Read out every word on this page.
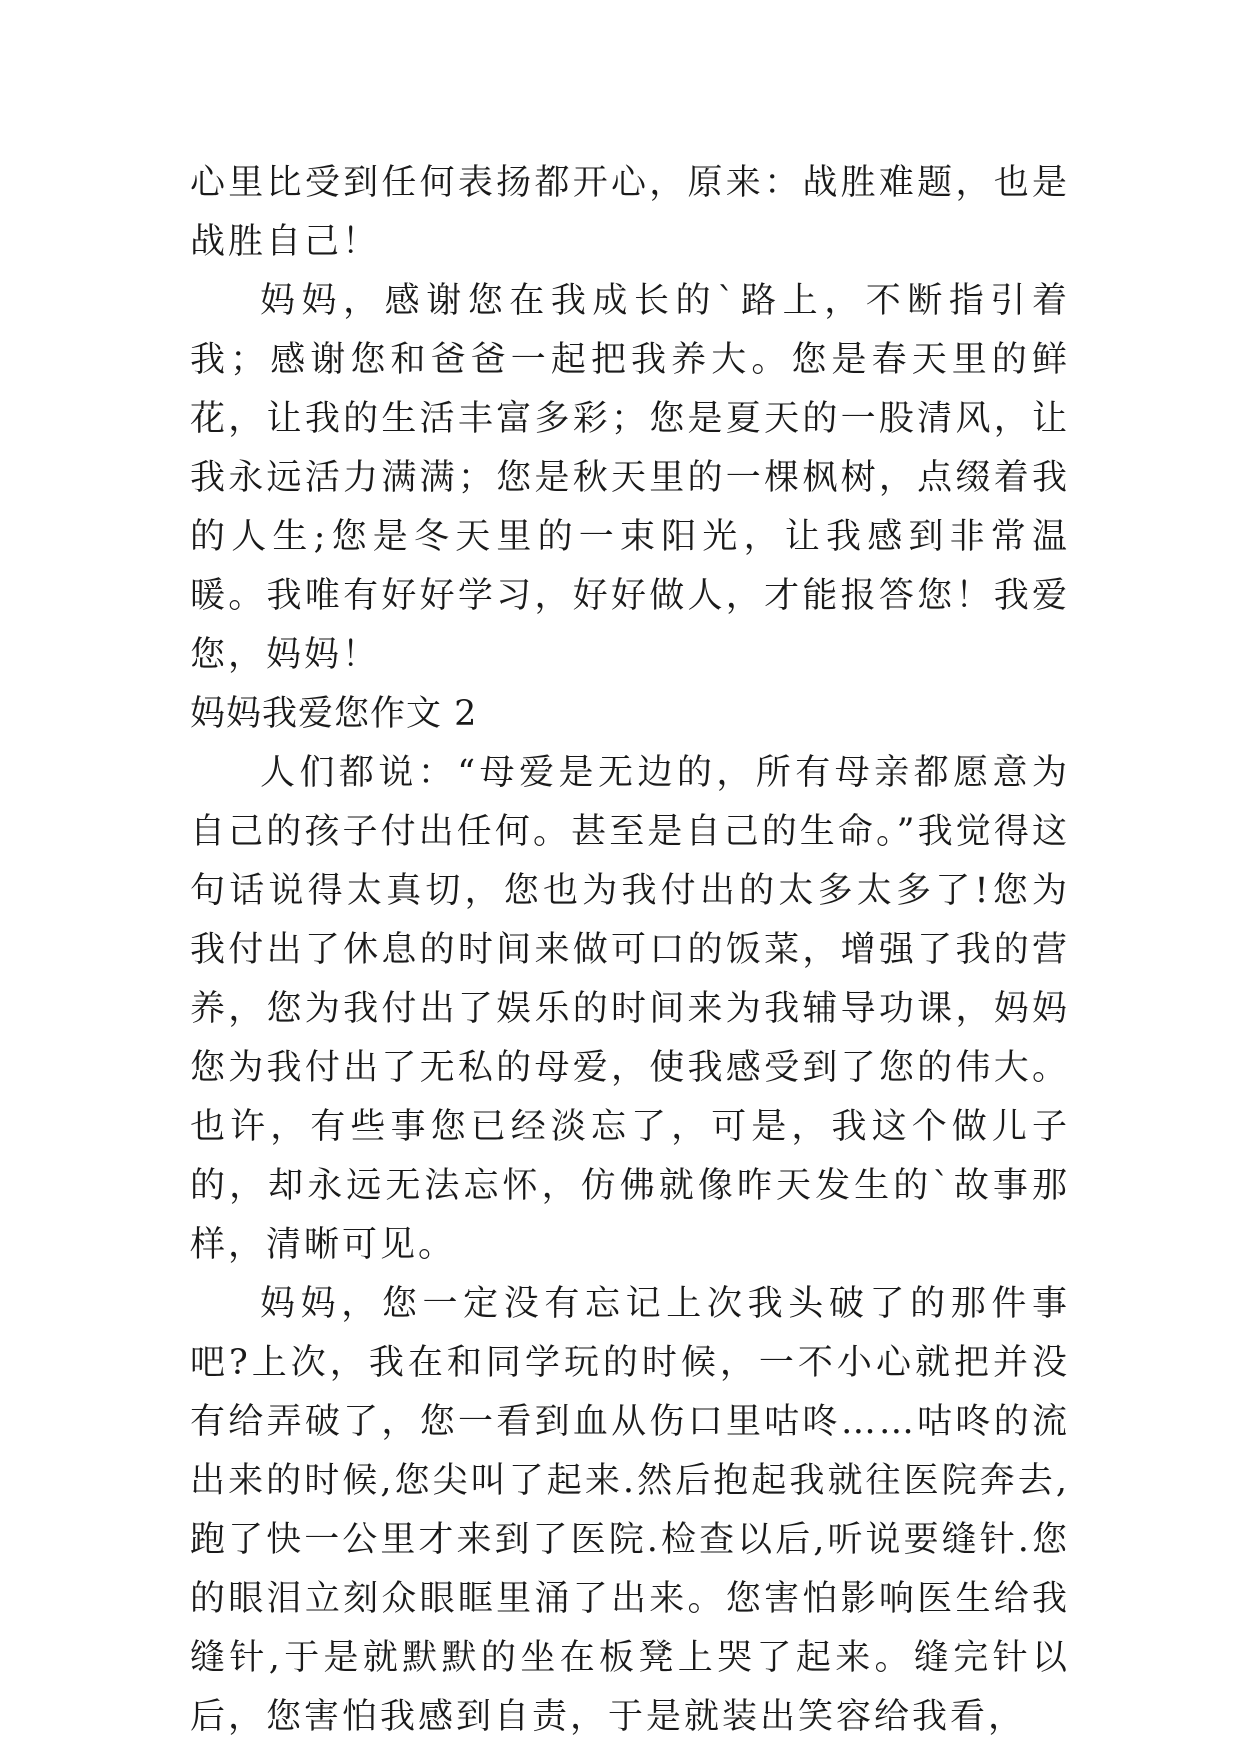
心里比受到任何表扬都开心，原来：战胜难题，也是战胜自己！

妈妈，感谢您在我成长的`路上，不断指引着我；感谢您和爸爸一起把我养大。您是春天里的鲜花，让我的生活丰富多彩；您是夏天的一股清风，让我永远活力满满；您是秋天里的一棵枫树，点缀着我的人生;您是冬天里的一束阳光，让我感到非常温暖。我唯有好好学习，好好做人，才能报答您！我爱您，妈妈！

妈妈我爱您作文 2

人们都说：“母爱是无边的，所有母亲都愿意为自己的孩子付出任何。甚至是自己的生命。”我觉得这句话说得太真切，您也为我付出的太多太多了!您为我付出了休息的时间来做可口的饭菜，增强了我的营养，您为我付出了娱乐的时间来为我辅导功课，妈妈您为我付出了无私的母爱，使我感受到了您的伟大。也许，有些事您已经淡忘了，可是，我这个做儿子的，却永远无法忘怀，仿佛就像昨天发生的`故事那样，清晰可见。

妈妈，您一定没有忘记上次我头破了的那件事吧?上次，我在和同学玩的时候，一不小心就把并没有给弄破了，您一看到血从伤口里咕咚……咕咚的流出来的时候,您尖叫了起来.然后抱起我就往医院奔去,跑了快一公里才来到了医院.检查以后,听说要缝针.您的眼泪立刻众眼眶里涌了出来。您害怕影响医生给我缝针,于是就默默的坐在板凳上哭了起来。缝完针以后，您害怕我感到自责，于是就装出笑容给我看，
